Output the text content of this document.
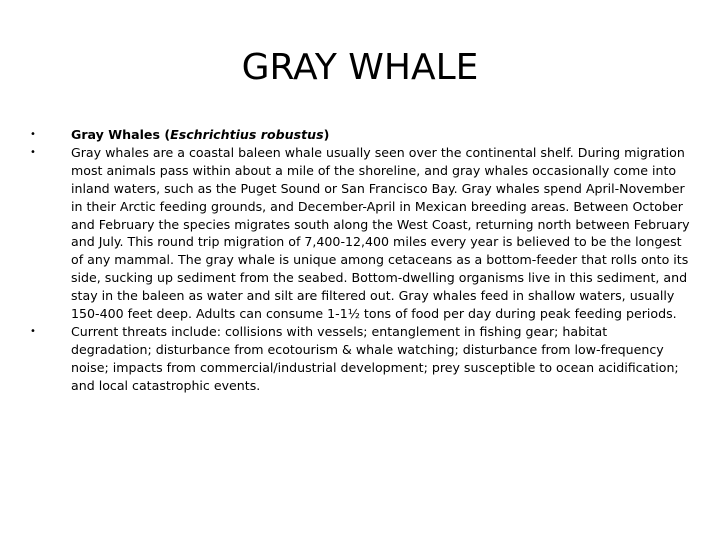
GRAY WHALE
•	Gray Whales (Eschrichtius robustus)
•	Gray whales are a coastal baleen whale usually seen over the continental shelf. During migration most animals pass within about a mile of the shoreline, and gray whales occasionally come into inland waters, such as the Puget Sound or San Francisco Bay. Gray whales spend April-November in their Arctic feeding grounds, and December-April in Mexican breeding areas. Between October and February the species migrates south along the West Coast, returning north between February and July. This round trip migration of 7,400-12,400 miles every year is believed to be the longest of any mammal. The gray whale is unique among cetaceans as a bottom-feeder that rolls onto its side, sucking up sediment from the seabed. Bottom-dwelling organisms live in this sediment, and stay in the baleen as water and silt are filtered out. Gray whales feed in shallow waters, usually 150-400 feet deep. Adults can consume 1-1½ tons of food per day during peak feeding periods.
•	Current threats include: collisions with vessels; entanglement in fishing gear; habitat degradation; disturbance from ecotourism & whale watching; disturbance from low-frequency noise; impacts from commercial/industrial development; prey susceptible to ocean acidification; and local catastrophic events.
